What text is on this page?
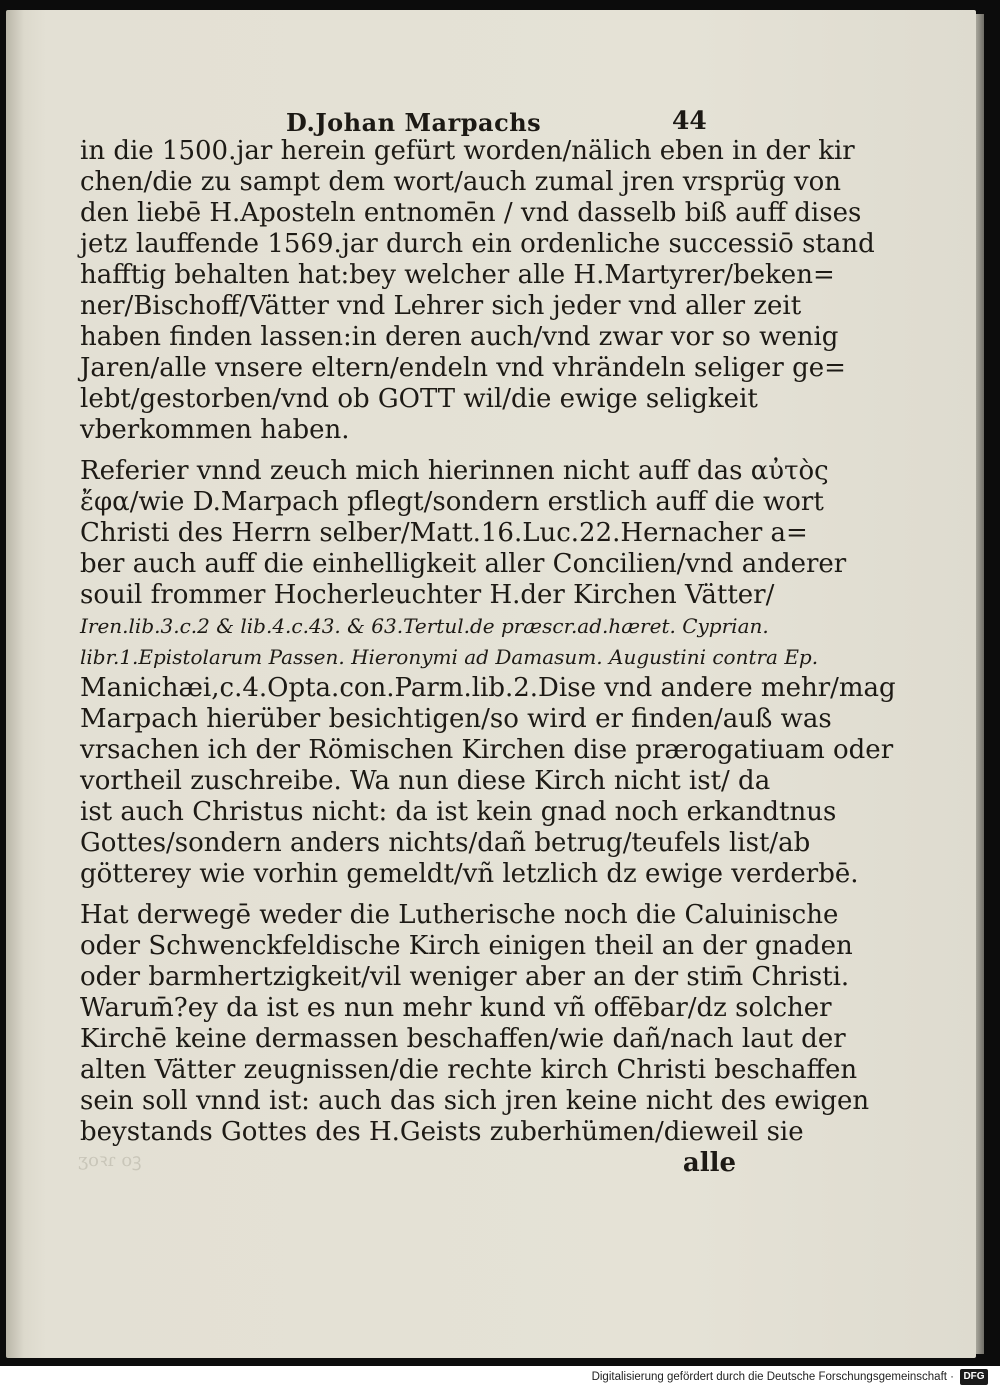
D.Johan Marpachs	44
in die 1500.jar herein gefürt worden/nälich eben in der kir
chen/die zu sampt dem wort/auch zumal jren vrsprüg von
den liebē H.Aposteln entnomēn / vnd dasselb biß auff dises
jetz lauffende 1569.jar durch ein ordenliche successiō stand
hafftig behalten hat:bey welcher alle H.Martyrer/beken=
ner/Bischoff/Vätter vnd Lehrer sich jeder vnd aller zeit
haben finden lassen:in deren auch/vnd zwar vor so wenig
Jaren/alle vnsere eltern/endeln vnd vhrändeln seliger ge=
lebt/gestorben/vnd ob GOTT wil/die ewige seligkeit
vberkommen haben.
Referier vnnd zeuch mich hierinnen nicht auff das αὐτὸς
ἔφα/wie D.Marpach pflegt/sondern erstlich auff die wort
Christi des Herrn selber/Matt.16.Luc.22.Hernacher a=
ber auch auff die einhelligkeit aller Concilien/vnd anderer
souil frommer Hocherleuchter H.der Kirchen Vätter/
Iren.lib.3.c.2 & lib.4.c.43. & 63.Tertul.de præscr.ad.hæret. Cyprian.
libr.1.Epistolarum Passen. Hieronymi ad Damasum. Augustini contra Ep.
Manichæi,c.4.Opta.con.Parm.lib.2.Dise vnd andere mehr/mag
Marpach hierüber besichtigen/so wird er finden/auß was
vrsachen ich der Römischen Kirchen dise prærogatiuam oder
vortheil zuschreibe. Wa nun diese Kirch nicht ist/ da
ist auch Christus nicht: da ist kein gnad noch erkandtnus
Gottes/sondern anders nichts/dañ betrug/teufels list/ab
götterey wie vorhin gemeldt/vñ letzlich dz ewige verderbē.
Hat derwegē weder die Lutherische noch die Caluinische
oder Schwenckfeldische Kirch einigen theil an der gnaden
oder barmhertzigkeit/vil weniger aber an der stim̄ Christi.
Warum̄?ey da ist es nun mehr kund vñ offēbar/dz solcher
Kirchē keine dermassen beschaffen/wie dañ/nach laut der
alten Vätter zeugnissen/die rechte kirch Christi beschaffen
sein soll vnnd ist: auch das sich jren keine nicht des ewigen
beystands Gottes des H.Geists zuberhümen/dieweil sie
alle
ʒoꝛɾ oꝫ
Digitalisierung gefördert durch die Deutsche Forschungsgemeinschaft · DFG
